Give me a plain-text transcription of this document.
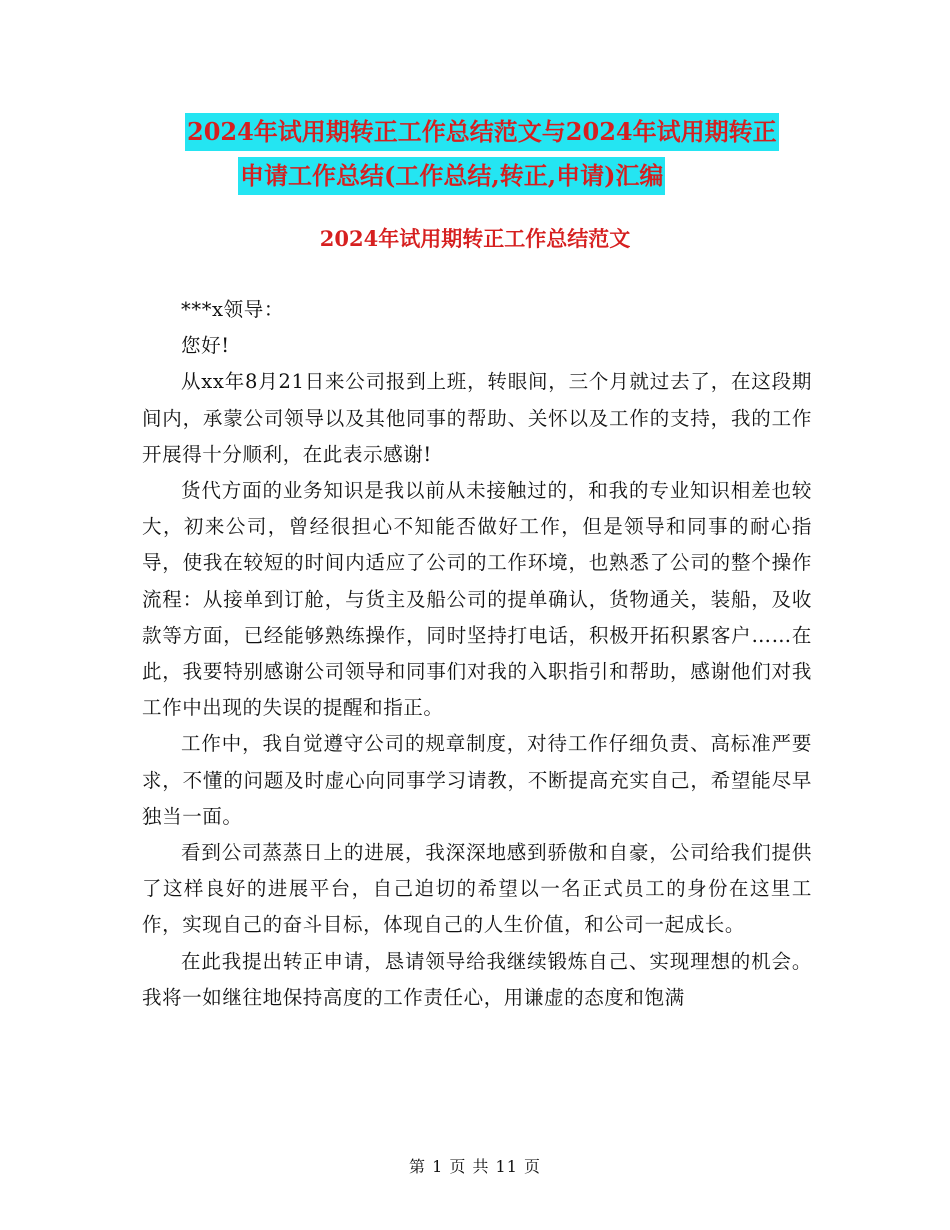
2024年试用期转正工作总结范文与2024年试用期转正
申请工作总结(工作总结,转正,申请)汇编
2024年试用期转正工作总结范文

***x领导：

您好!

从xx年8月21日来公司报到上班，转眼间，三个月就过去了，在这段期间内，承蒙公司领导以及其他同事的帮助、关怀以及工作的支持，我的工作开展得十分顺利，在此表示感谢!

货代方面的业务知识是我以前从未接触过的，和我的专业知识相差也较大，初来公司，曾经很担心不知能否做好工作，但是领导和同事的耐心指导，使我在较短的时间内适应了公司的工作环境，也熟悉了公司的整个操作流程：从接单到订舱，与货主及船公司的提单确认，货物通关，装船，及收款等方面，已经能够熟练操作，同时坚持打电话，积极开拓积累客户……在此，我要特别感谢公司领导和同事们对我的入职指引和帮助，感谢他们对我工作中出现的失误的提醒和指正。

工作中，我自觉遵守公司的规章制度，对待工作仔细负责、高标准严要求，不懂的问题及时虚心向同事学习请教，不断提高充实自己，希望能尽早独当一面。

看到公司蒸蒸日上的进展，我深深地感到骄傲和自豪，公司给我们提供了这样良好的进展平台，自己迫切的希望以一名正式员工的身份在这里工作，实现自己的奋斗目标，体现自己的人生价值，和公司一起成长。

在此我提出转正申请，恳请领导给我继续锻炼自己、实现理想的机会。我将一如继往地保持高度的工作责任心，用谦虚的态度和饱满

第 1 页 共 11 页
